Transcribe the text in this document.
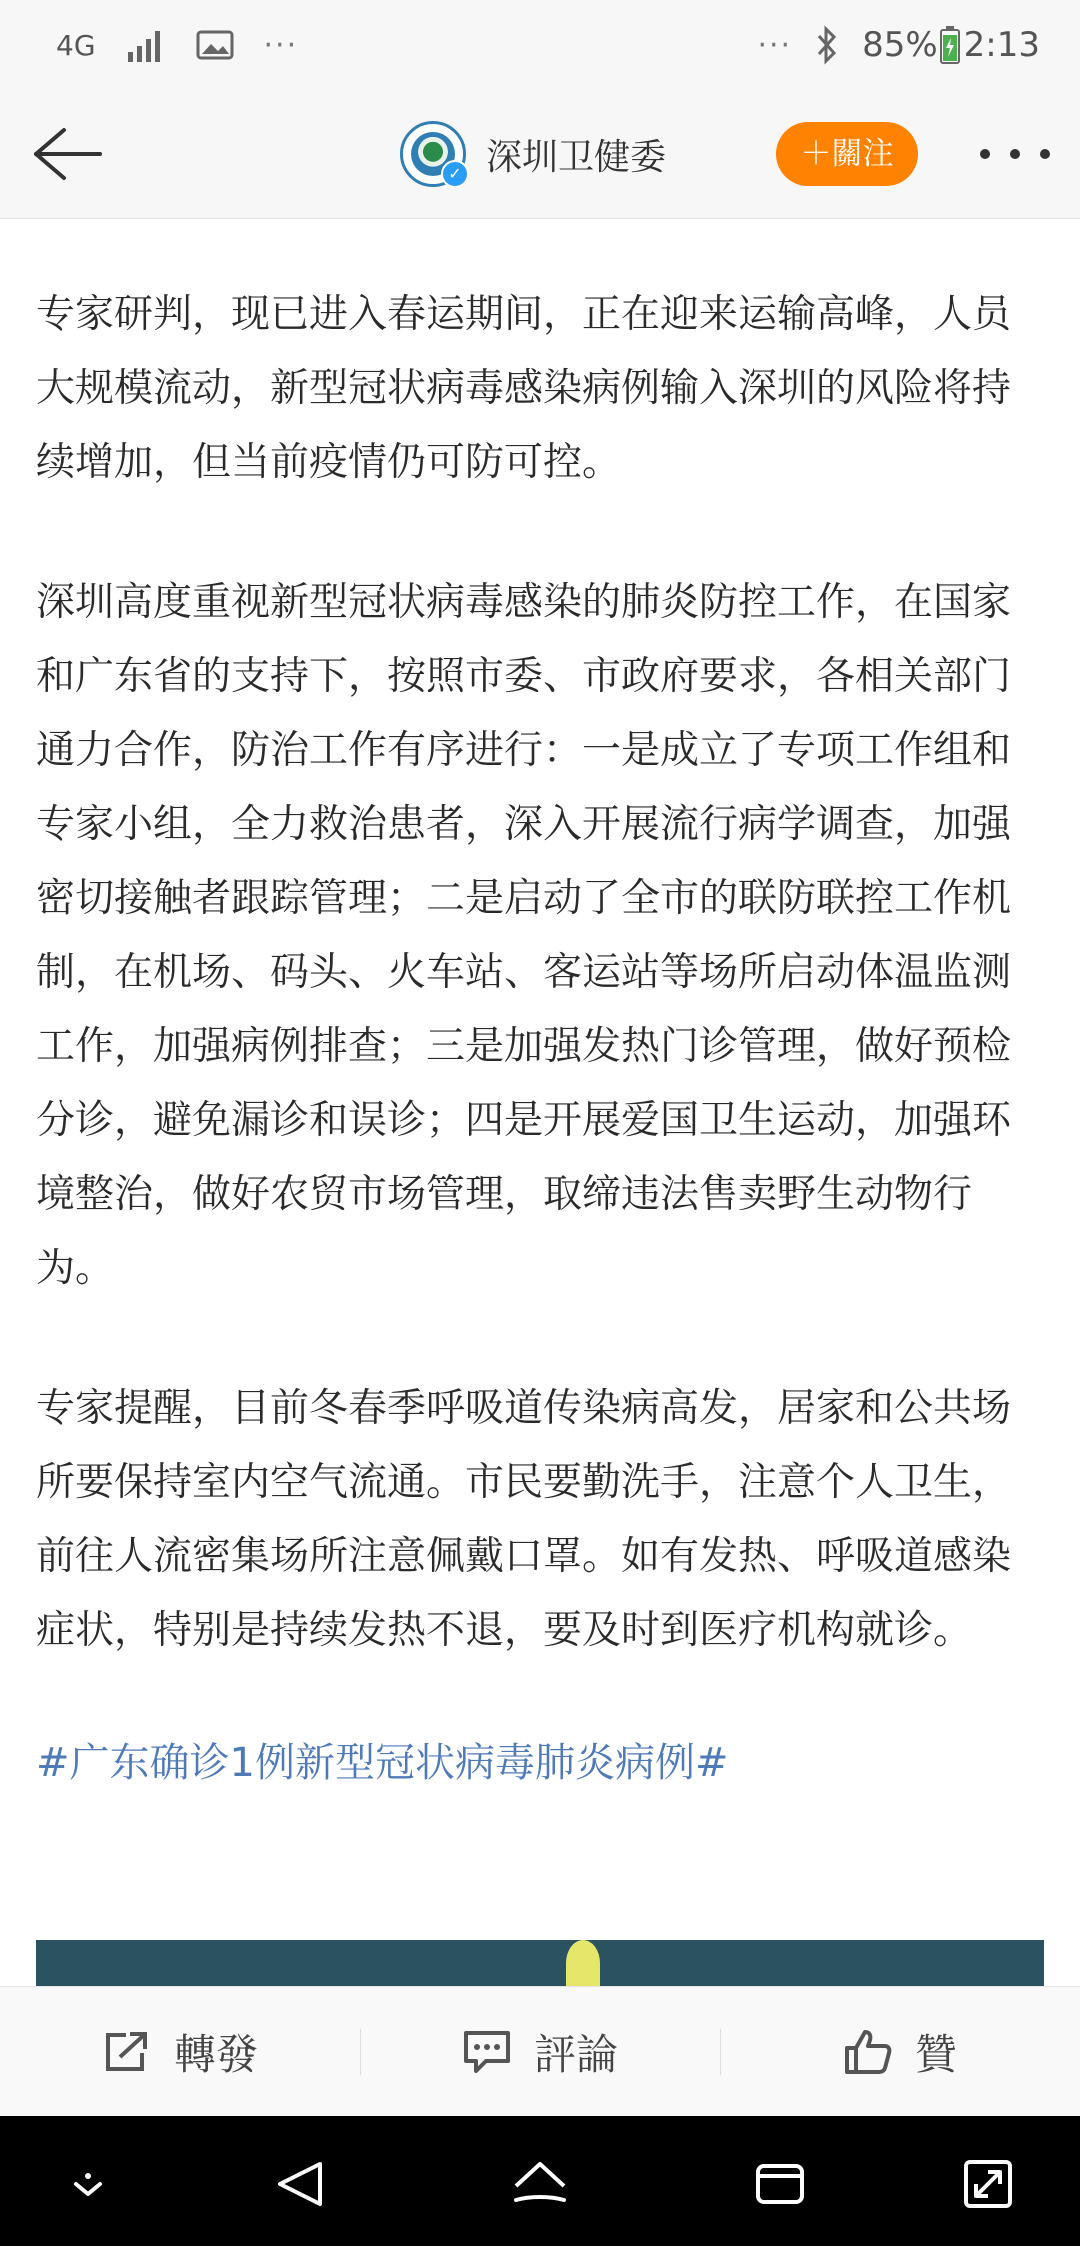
4G	···	··· 85% 2:13
✓ 深圳卫健委	＋關注

专家研判，现已进入春运期间，正在迎来运输高峰，人员大规模流动，新型冠状病毒感染病例输入深圳的风险将持续增加，但当前疫情仍可防可控。

深圳高度重视新型冠状病毒感染的肺炎防控工作，在国家和广东省的支持下，按照市委、市政府要求，各相关部门通力合作，防治工作有序进行：一是成立了专项工作组和专家小组，全力救治患者，深入开展流行病学调查，加强密切接触者跟踪管理；二是启动了全市的联防联控工作机制，在机场、码头、火车站、客运站等场所启动体温监测工作，加强病例排查；三是加强发热门诊管理，做好预检分诊，避免漏诊和误诊；四是开展爱国卫生运动，加强环境整治，做好农贸市场管理，取缔违法售卖野生动物行为。

专家提醒，目前冬春季呼吸道传染病高发，居家和公共场所要保持室内空气流通。市民要勤洗手，注意个人卫生，前往人流密集场所注意佩戴口罩。如有发热、呼吸道感染症状，特别是持续发热不退，要及时到医疗机构就诊。

#广东确诊1例新型冠状病毒肺炎病例#
轉發	評論	贊
